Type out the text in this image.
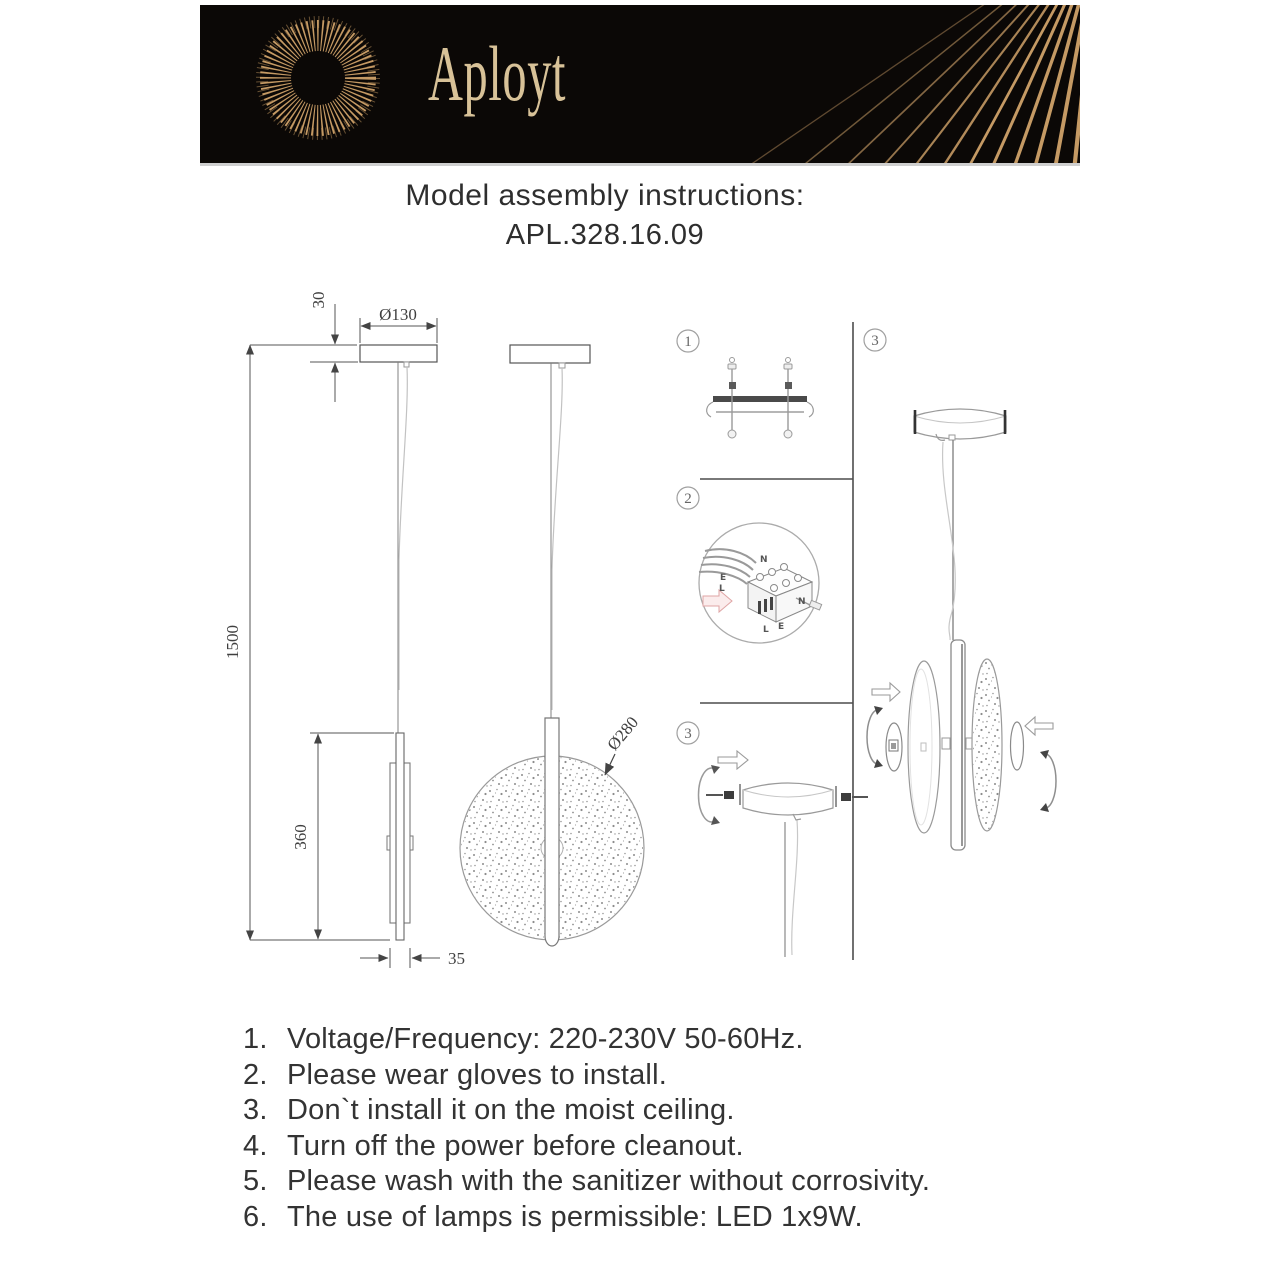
Aployt
Model assembly instructions:
APL.328.16.09
1500
30
Ø130
360
35
Ø280
1
2
N
E
L
N
L E
3
3
1. Voltage/Frequency: 220-230V 50-60Hz.
2. Please wear gloves to install.
3. Don`t install it on the moist ceiling.
4. Turn off the power before cleanout.
5. Please wash with the sanitizer without corrosivity.
6. The use of lamps is permissible: LED 1x9W.
